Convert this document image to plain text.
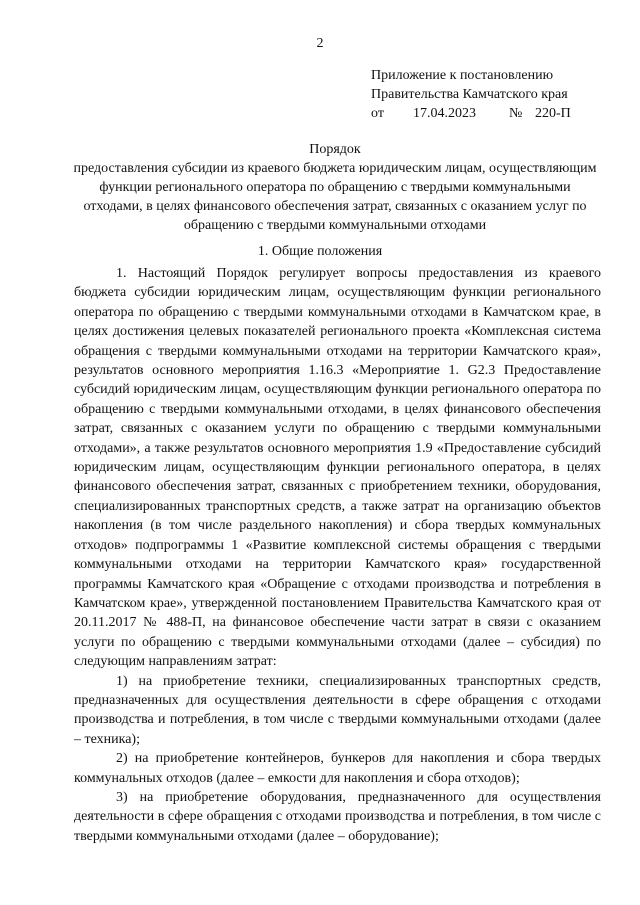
2
Приложение к постановлению
Правительства Камчатского края
от 17.04.2023 № 220-П
Порядок
предоставления субсидии из краевого бюджета юридическим лицам, осуществляющим функции регионального оператора по обращению с твердыми коммунальными отходами, в целях финансового обеспечения затрат, связанных с оказанием услуг по обращению с твердыми коммунальными отходами
1. Общие положения

1. Настоящий Порядок регулирует вопросы предоставления из краевого бюджета субсидии юридическим лицам, осуществляющим функции регионального оператора по обращению с твердыми коммунальными отходами в Камчатском крае, в целях достижения целевых показателей регионального проекта «Комплексная система обращения с твердыми коммунальными отходами на территории Камчатского края», результатов основного мероприятия 1.16.3 «Мероприятие 1. G2.3 Предоставление субсидий юридическим лицам, осуществляющим функции регионального оператора по обращению с твердыми коммунальными отходами, в целях финансового обеспечения затрат, связанных с оказанием услуги по обращению с твердыми коммунальными отходами», а также результатов основного мероприятия 1.9 «Предоставление субсидий юридическим лицам, осуществляющим функции регионального оператора, в целях финансового обеспечения затрат, связанных с приобретением техники, оборудования, специализированных транспортных средств, а также затрат на организацию объектов накопления (в том числе раздельного накопления) и сбора твердых коммунальных отходов» подпрограммы 1 «Развитие комплексной системы обращения с твердыми коммунальными отходами на территории Камчатского края» государственной программы Камчатского края «Обращение с отходами производства и потребления в Камчатском крае», утвержденной постановлением Правительства Камчатского края от 20.11.2017 № 488-П, на финансовое обеспечение части затрат в связи с оказанием услуги по обращению с твердыми коммунальными отходами (далее – субсидия) по следующим направлениям затрат:

1) на приобретение техники, специализированных транспортных средств, предназначенных для осуществления деятельности в сфере обращения с отходами производства и потребления, в том числе с твердыми коммунальными отходами (далее – техника);

2) на приобретение контейнеров, бункеров для накопления и сбора твердых коммунальных отходов (далее – емкости для накопления и сбора отходов);

3) на приобретение оборудования, предназначенного для осуществления деятельности в сфере обращения с отходами производства и потребления, в том числе с твердыми коммунальными отходами (далее – оборудование);
